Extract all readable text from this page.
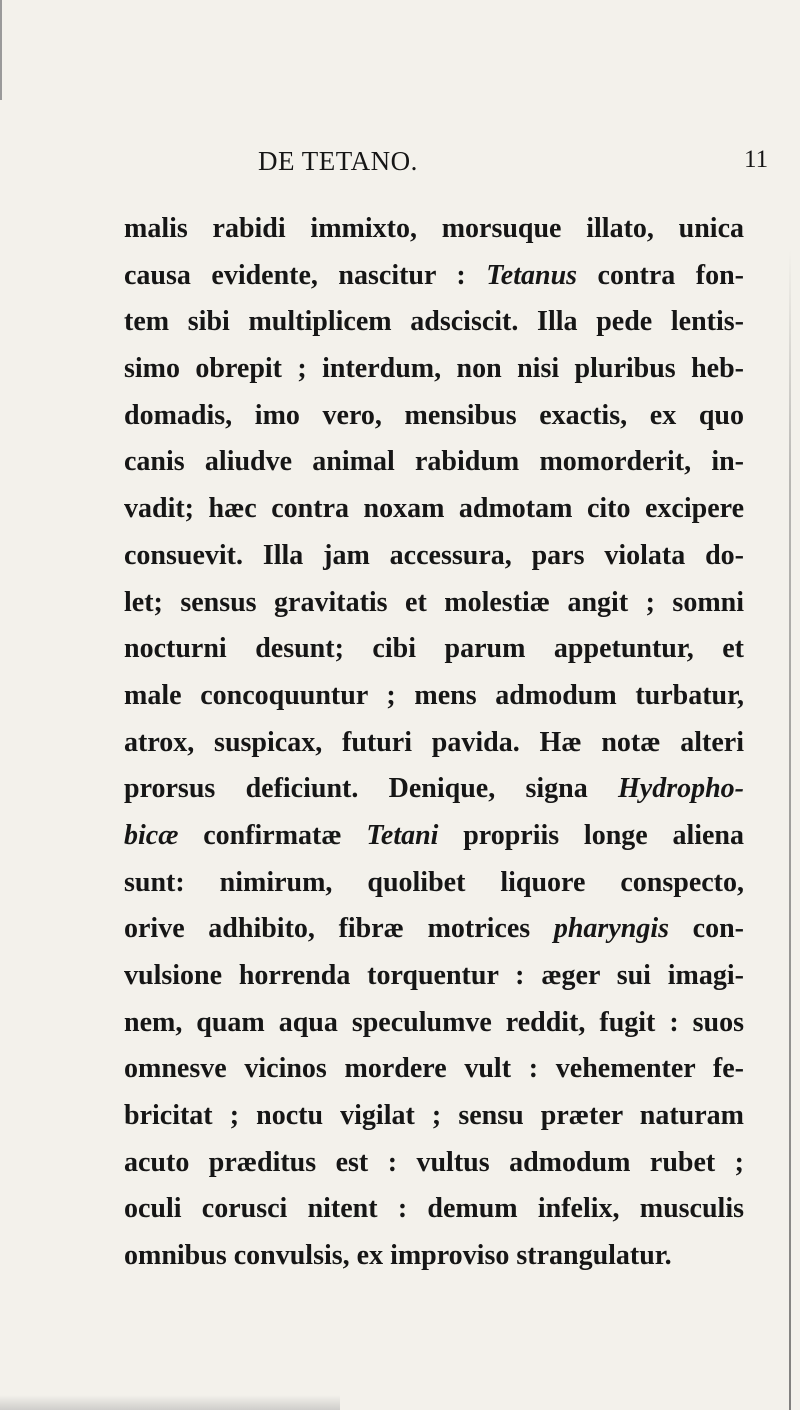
DE TETANO.	11
malis rabidi immixto, morsuque illato, unica
causa evidente, nascitur : Tetanus contra fon-
tem sibi multiplicem adsciscit. Illa pede lentis-
simo obrepit ; interdum, non nisi pluribus heb-
domadis, imo vero, mensibus exactis, ex quo
canis aliudve animal rabidum momorderit, in-
vadit; hæc contra noxam admotam cito excipere
consuevit. Illa jam accessura, pars violata do-
let; sensus gravitatis et molestiæ angit ; somni
nocturni desunt; cibi parum appetuntur, et
male concoquuntur ; mens admodum turbatur,
atrox, suspicax, futuri pavida. Hæ notæ alteri
prorsus deficiunt. Denique, signa Hydropho-
bicæ confirmatæ Tetani propriis longe aliena
sunt: nimirum, quolibet liquore conspecto,
orive adhibito, fibræ motrices pharyngis con-
vulsione horrenda torquentur : æger sui imagi-
nem, quam aqua speculumve reddit, fugit : suos
omnesve vicinos mordere vult : vehementer fe-
bricitat ; noctu vigilat ; sensu præter naturam
acuto præditus est : vultus admodum rubet ;
oculi corusci nitent : demum infelix, musculis
omnibus convulsis, ex improviso strangulatur.
